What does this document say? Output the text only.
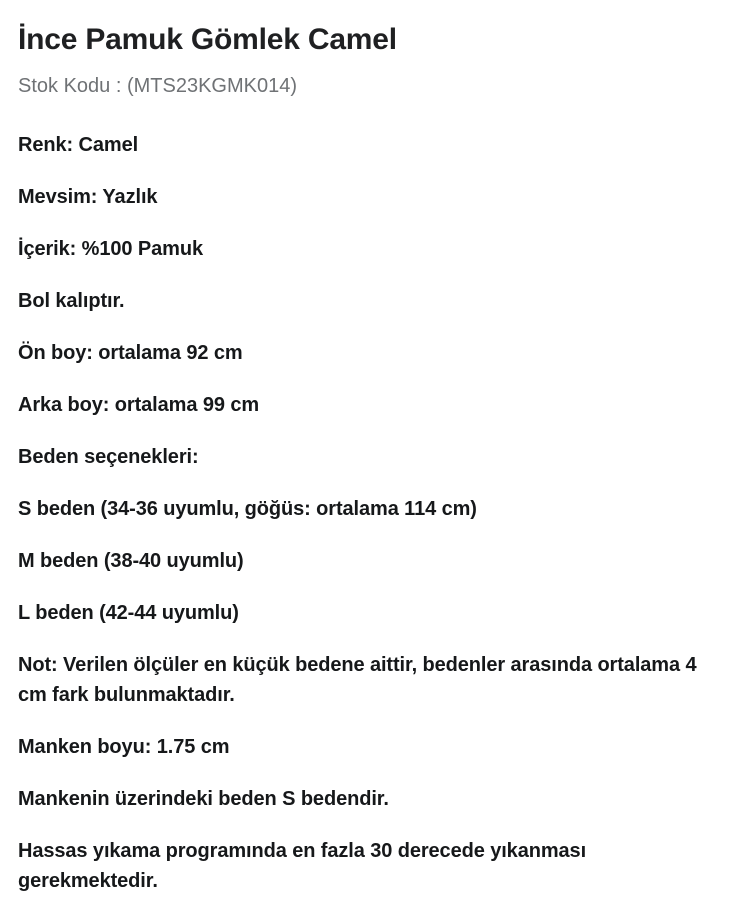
İnce Pamuk Gömlek Camel

Stok Kodu : (MTS23KGMK014)

Renk: Camel

Mevsim: Yazlık

İçerik: %100 Pamuk

Bol kalıptır.

Ön boy: ortalama 92 cm

Arka boy: ortalama 99 cm

Beden seçenekleri:

S beden (34-36 uyumlu, göğüs: ortalama 114 cm)

M beden (38-40 uyumlu)

L beden (42-44 uyumlu)

Not: Verilen ölçüler en küçük bedene aittir, bedenler arasında ortalama 4 cm fark bulunmaktadır.

Manken boyu: 1.75 cm

Mankenin üzerindeki beden S bedendir.

Hassas yıkama programında en fazla 30 derecede yıkanması gerekmektedir.
